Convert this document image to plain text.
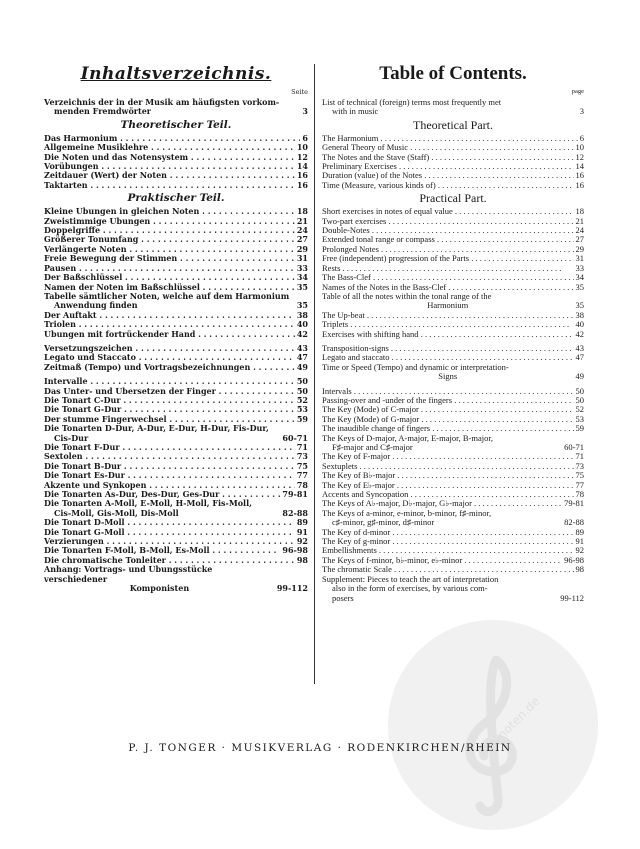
Inhaltsverzeichnis.
Seite
Verzeichnis der in der Musik am häufigsten vorkom-
menden Fremdwörter	3
Theoretischer Teil.
Das Harmonium . . .	6
Allgemeine Musiklehre . . .	10
Die Noten und das Notensystem . . .	12
Vorübungen . . .	14
Zeitdauer (Wert) der Noten . . .	16
Taktarten . . .	16
Praktischer Teil.
Kleine Übungen in gleichen Noten . . .	18
Zweistimmige Übungen . . .	21
Doppelgriffe . . .	24
Größerer Tonumfang . . .	27
Verlängerte Noten . . .	29
Freie Bewegung der Stimmen . . .	31
Pausen . . .	33
Der Baßschlüssel . . .	34
Namen der Noten im Baßschlüssel . . .	35
Tabelle sämtlicher Noten, welche auf dem Harmonium
Anwendung finden	35
Der Auftakt . . .	38
Triolen . . .	40
Übungen mit fortrückender Hand . . .	42
Versetzungszeichen . . .	43
Legato und Staccato . . .	47
Zeitmaß (Tempo) und Vortragsbezeichnungen . . .	49
Intervalle . . .	50
Das Unter- und Übersetzen der Finger . . .	50
Die Tonart C-Dur . . .	52
Die Tonart G-Dur . . .	53
Der stumme Fingerwechsel . . .	59
Die Tonarten D-Dur, A-Dur, E-Dur, H-Dur, Fis-Dur,
Cis-Dur	60-71
Die Tonart F-Dur . . .	71
Sextolen . . .	73
Die Tonart B-Dur . . .	75
Die Tonart Es-Dur . . .	77
Akzente und Synkopen . . .	78
Die Tonarten As-Dur, Des-Dur, Ges-Dur . . .	79-81
Die Tonarten A-Moll, E-Moll, H-Moll, Fis-Moll,
Cis-Moll, Gis-Moll, Dis-Moll	82-88
Die Tonart D-Moll . . .	89
Die Tonart G-Moll . . .	91
Verzierungen . . .	92
Die Tonarten F-Moll, B-Moll, Es-Moll . . .	96-98
Die chromatische Tonleiter . . .	98
Anhang: Vortrags- und Übungsstücke verschiedener
Komponisten	99-112
Table of Contents.
page
List of technical (foreign) terms most frequently met
with in music	3
Theoretical Part.
The Harmonium . . .	6
General Theory of Music . . .	10
The Notes and the Stave (Staff) . . .	12
Preliminary Exercises . . .	14
Duration (value) of the Notes . . .	16
Time (Measure, various kinds of) . . .	16
Practical Part.
Short exercises in notes of equal value . . .	18
Two-part exercises . . .	21
Double-Notes . . .	24
Extended tonal range or compass . . .	27
Prolonged Notes . . .	29
Free (independent) progression of the Parts . . .	31
Rests . . .	33
The Bass-Clef . . .	34
Names of the Notes in the Bass-Clef . . .	35
Table of all the notes within the tonal range of the
Harmonium	35
The Up-beat . . .	38
Triplets . . .	40
Exercises with shifting hand . . .	42
Transposition-signs . . .	43
Legato and staccato . . .	47
Time or Speed (Tempo) and dynamic or interpretation-
Signs	49
Intervals . . .	50
Passing-over and -under of the fingers . . .	50
The Key (Mode) of C-major . . .	52
The Key (Mode) of G-major . . .	53
The inaudible change of fingers . . .	59
The Keys of D-major, A-major, E-major, B-major,
F♯-major and C♯-major	60-71
The Key of F-major . . .	71
Sextuplets . . .	73
The Key of B♭-major . . .	75
The Key of E♭-major . . .	77
Accents and Syncopation . . .	78
The Keys of A♭-major, D♭-major, G♭-major . . .	79-81
The Keys of a-minor, e-minor, b-minor, f♯-minor,
c♯-minor, g♯-minor, d♯-minor	82-88
The Key of d-minor . . .	89
The Key of g-minor . . .	91
Embellishments . . .	92
The Keys of f-minor, b♭-minor, e♭-minor . . .	96-98
The chromatic Scale . . .	98
Supplement: Pieces to teach the art of interpretation
also in the form of exercises, by various com-
posers	99-112
alle-noten.de
P. J. TONGER · MUSIKVERLAG · RODENKIRCHEN/RHEIN
